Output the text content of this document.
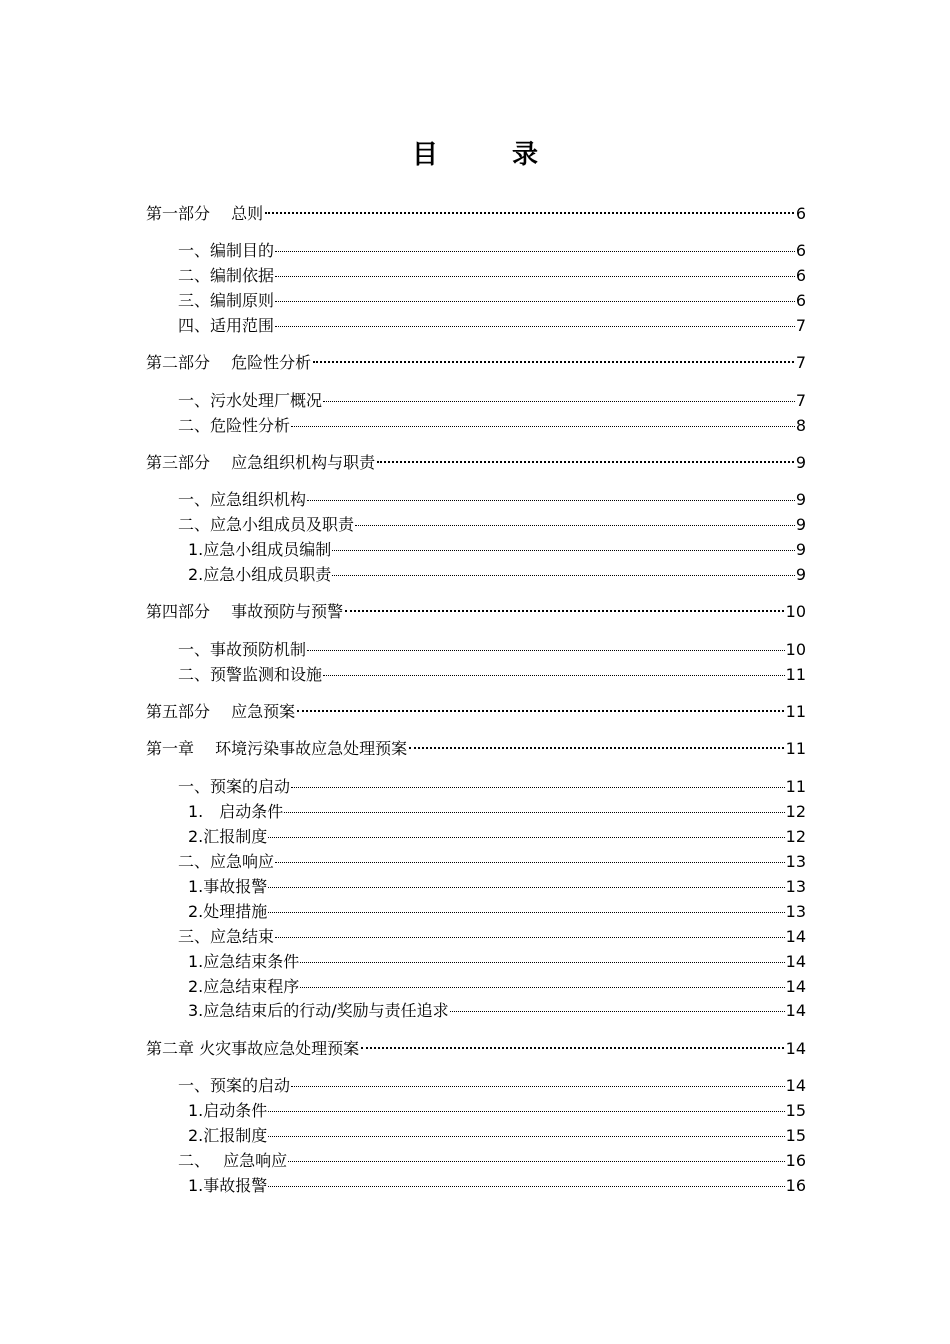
目　录
第一部分　 总则	6
一、编制目的	6
二、编制依据	6
三、编制原则	6
四、适用范围	7
第二部分　 危险性分析	7
一、污水处理厂概况	7
二、危险性分析	8
第三部分　 应急组织机构与职责	9
一、应急组织机构	9
二、应急小组成员及职责	9
1.应急小组成员编制	9
2.应急小组成员职责	9
第四部分　 事故预防与预警	10
一、事故预防机制	10
二、预警监测和设施	11
第五部分　 应急预案	11
第一章　 环境污染事故应急处理预案	11
一、预案的启动	11
1.　启动条件	12
2.汇报制度	12
二、应急响应	13
1.事故报警	13
2.处理措施	13
三、应急结束	14
1.应急结束条件	14
2.应急结束程序	14
3.应急结束后的行动/奖励与责任追求	14
第二章 火灾事故应急处理预案	14
一、预案的启动	14
1.启动条件	15
2.汇报制度	15
二、　 应急响应	16
1.事故报警	16
